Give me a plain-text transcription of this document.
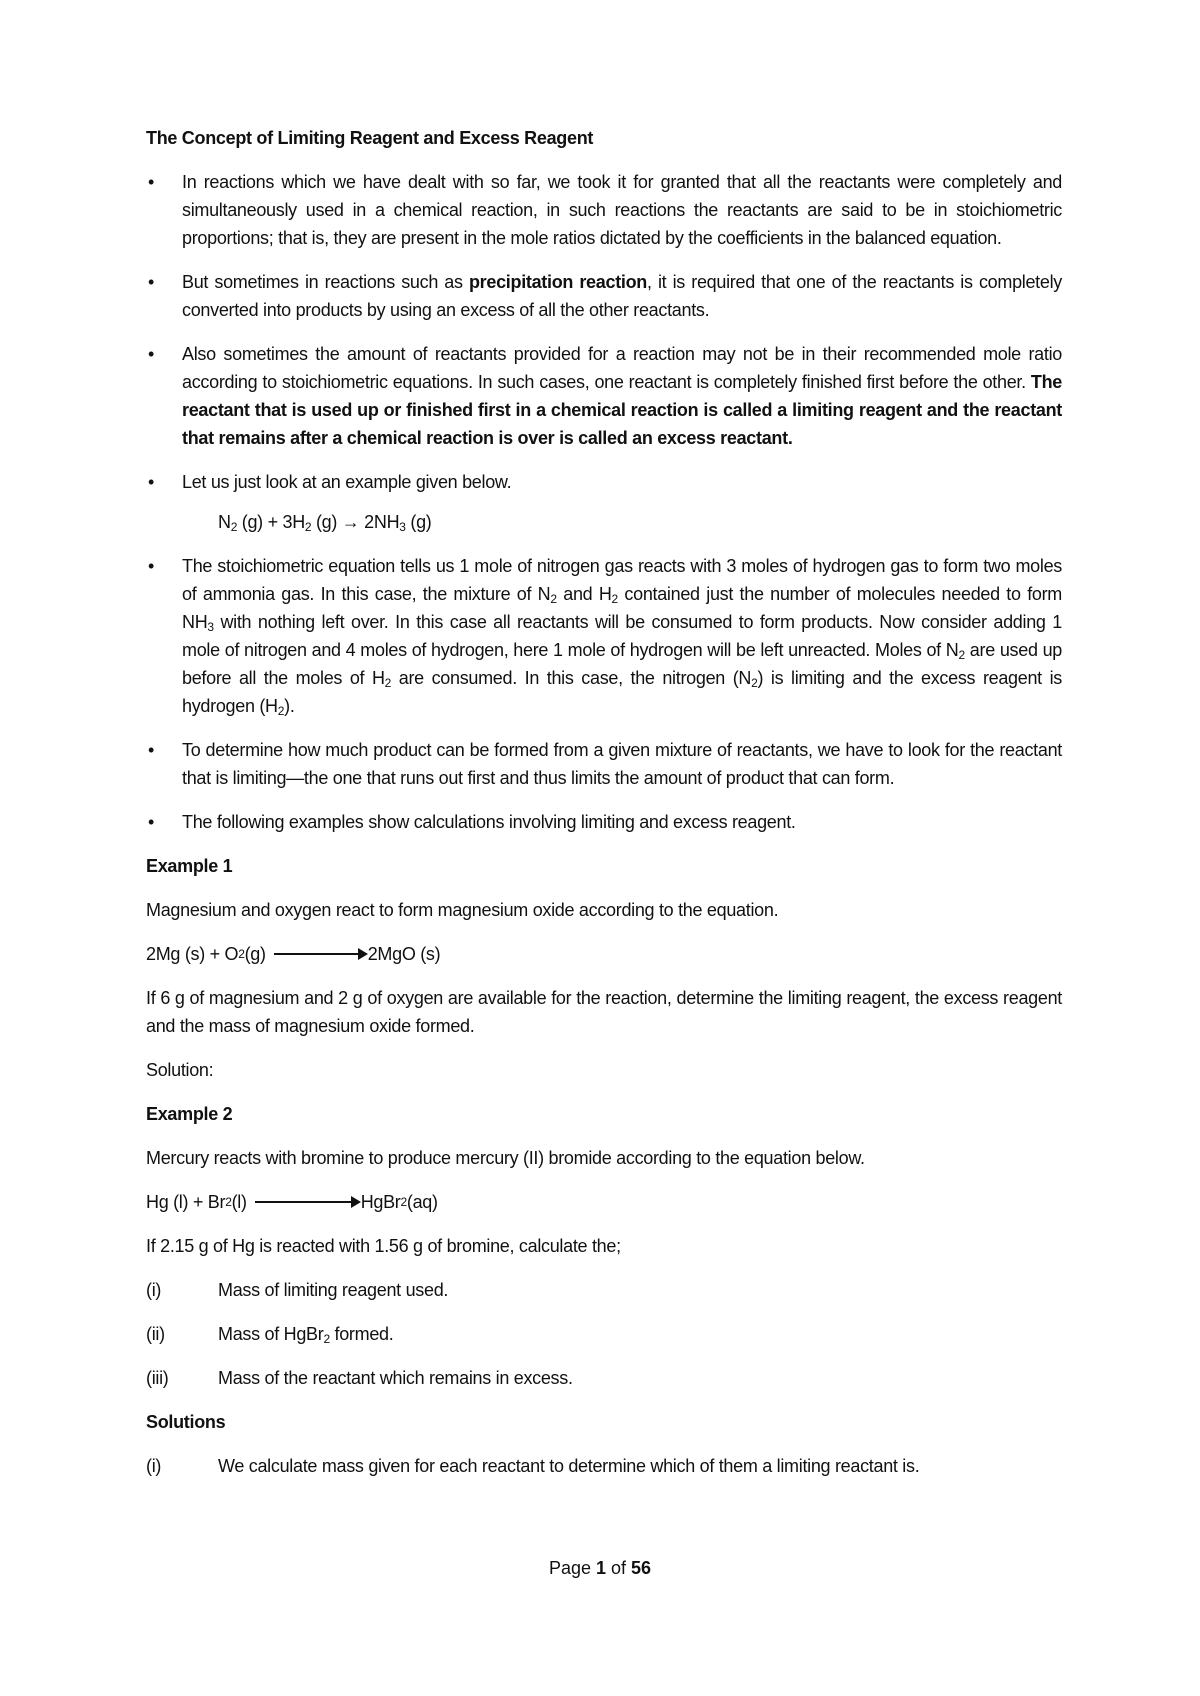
The Concept of Limiting Reagent and Excess Reagent
• In reactions which we have dealt with so far, we took it for granted that all the reactants were completely and simultaneously used in a chemical reaction, in such reactions the reactants are said to be in stoichiometric proportions; that is, they are present in the mole ratios dictated by the coefficients in the balanced equation.
• But sometimes in reactions such as precipitation reaction, it is required that one of the reactants is completely converted into products by using an excess of all the other reactants.
• Also sometimes the amount of reactants provided for a reaction may not be in their recommended mole ratio according to stoichiometric equations. In such cases, one reactant is completely finished first before the other. The reactant that is used up or finished first in a chemical reaction is called a limiting reagent and the reactant that remains after a chemical reaction is over is called an excess reactant.
• Let us just look at an example given below.
$N_2$ $(g) + 3H_2$ $(g) \to 2NH_3$ (g)
• The stoichiometric equation tells us 1 mole of nitrogen gas reacts with 3 moles of hydrogen gas to form two moles of ammonia gas. In this case, the mixture of $N_2$ and $H_2$ contained just the number of molecules needed to form $NH_3$ with nothing left over. In this case all reactants will be consumed to form products. Now consider adding 1 mole of nitrogen and 4 moles of hydrogen, here 1 mole of hydrogen will be left unreacted. Moles of $N_2$ are used up before all the moles of $H_2$ are consumed. In this case, the nitrogen $(N_2)$ is limiting and the excess reagent is hydrogen $(H_2)$.
• To determine how much product can be formed from a given mixture of reactants, we have to look for the reactant that is limiting—the one that runs out first and thus limits the amount of product that can form.
• The following examples show calculations involving limiting and excess reagent.
Example 1

Magnesium and oxygen react to form magnesium oxide according to the equation.

2Mg (s) + O 2 (g)	2MgO (s)

If 6 g of magnesium and 2 g of oxygen are available for the reaction, determine the limiting reagent, the excess reagent and the mass of magnesium oxide formed.

Solution:

Example 2

Mercury reacts with bromine to produce mercury (II) bromide according to the equation below.

Hg (l) + Br 2 (l)	HgBr 2 (aq)

If 2.15 g of Hg is reacted with 1.56 g of bromine, calculate the;

(i)	Mass of limiting reagent used.
(ii)	Mass of HgBr$_2$ formed.
(iii)	Mass of the reactant which remains in excess.
Solutions
(i)	We calculate mass given for each reactant to determine which of them a limiting reactant is.
Page 1 of 56
